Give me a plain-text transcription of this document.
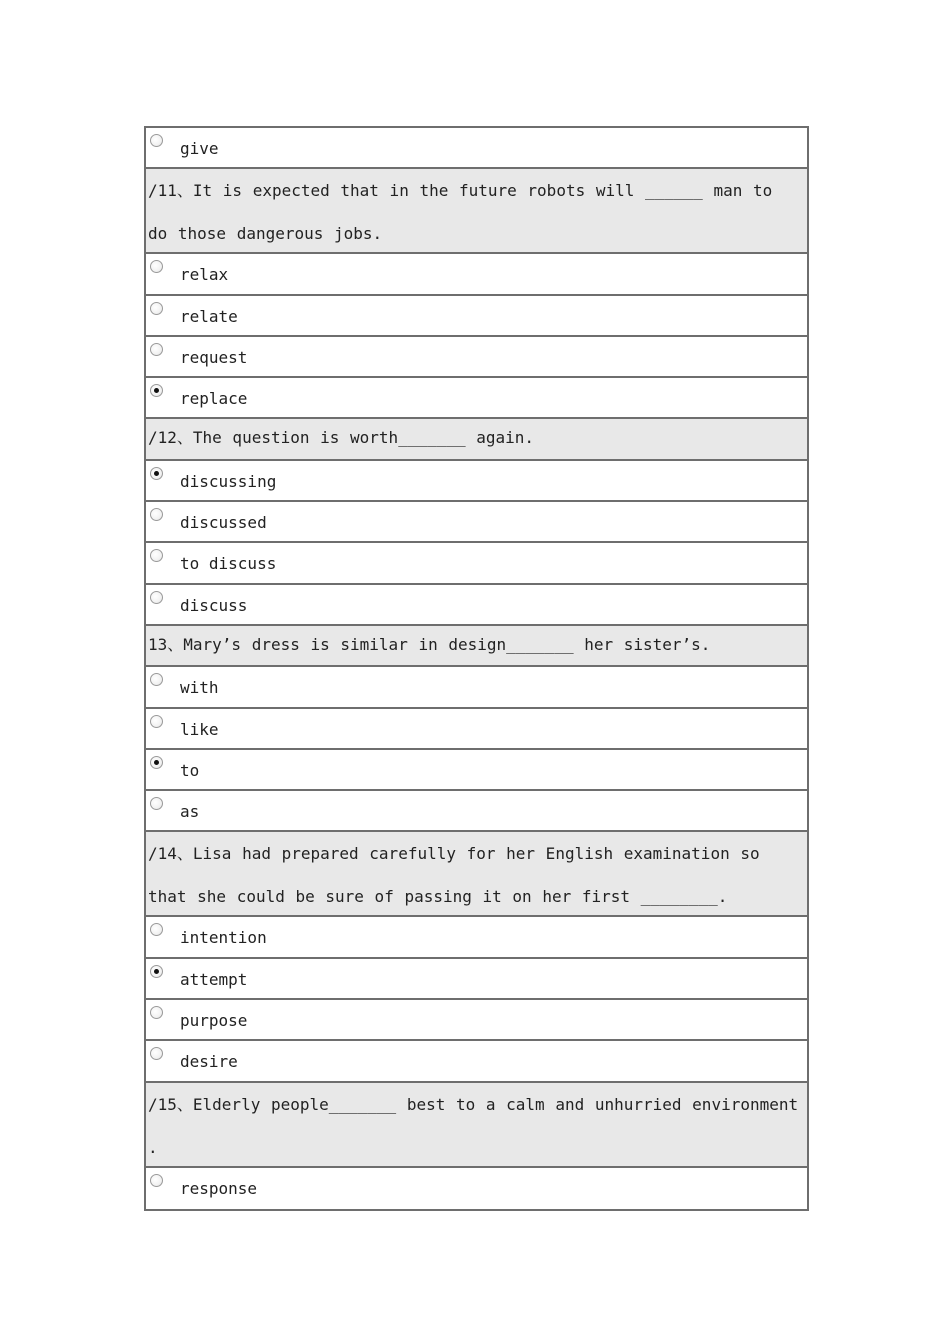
give
/11、It is expected that in the future robots will ______ man to do those dangerous jobs.
relax
relate
request
replace
/12、The question is worth_______ again.
discussing
discussed
to discuss
discuss
13、Mary’s dress is similar in design_______ her sister’s.
with
like
to
as
/14、Lisa had prepared carefully for her English examination so that she could be sure of passing it on her first ________.
intention
attempt
purpose
desire
/15、Elderly people_______ best to a calm and unhurried environment .
response
